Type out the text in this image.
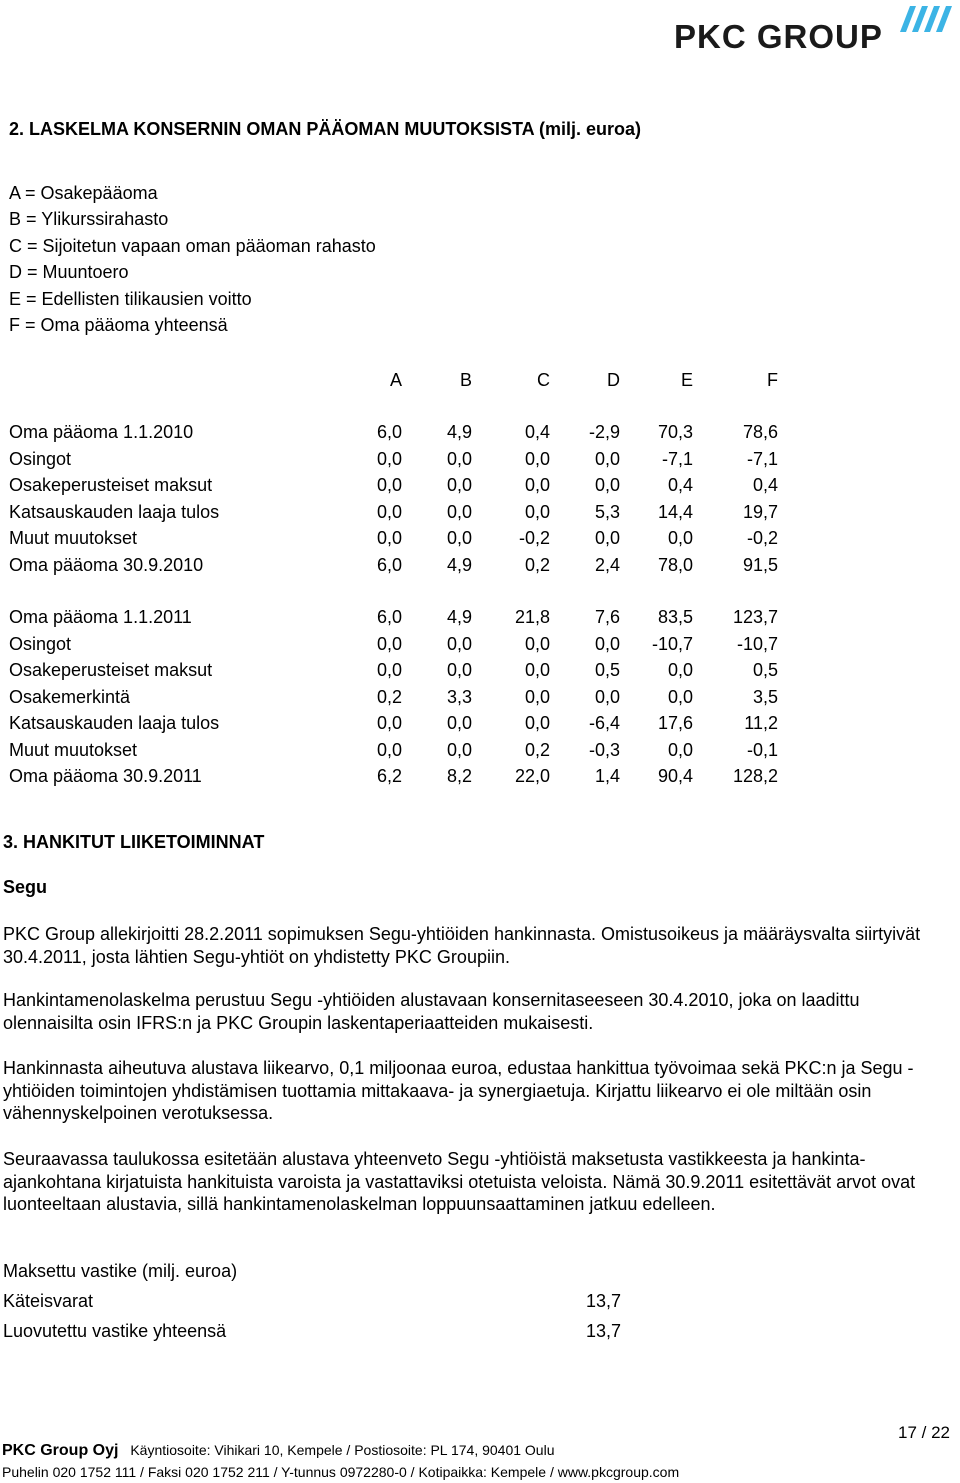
PKC GROUP
2. LASKELMA KONSERNIN OMAN PÄÄOMAN MUUTOKSISTA (milj. euroa)
A = Osakepääoma
B = Ylikurssirahasto
C = Sijoitetun vapaan oman pääoman rahasto
D = Muuntoero
E = Edellisten tilikausien voitto
F = Oma pääoma yhteensä
	A	B	C	D	E	F
Oma pääoma 1.1.2010	6,0	4,9	0,4	-2,9	70,3	78,6
Osingot	0,0	0,0	0,0	0,0	-7,1	-7,1
Osakeperusteiset maksut	0,0	0,0	0,0	0,0	0,4	0,4
Katsauskauden laaja tulos	0,0	0,0	0,0	5,3	14,4	19,7
Muut muutokset	0,0	0,0	-0,2	0,0	0,0	-0,2
Oma pääoma 30.9.2010	6,0	4,9	0,2	2,4	78,0	91,5
Oma pääoma 1.1.2011	6,0	4,9	21,8	7,6	83,5	123,7
Osingot	0,0	0,0	0,0	0,0	-10,7	-10,7
Osakeperusteiset maksut	0,0	0,0	0,0	0,5	0,0	0,5
Osakemerkintä	0,2	3,3	0,0	0,0	0,0	3,5
Katsauskauden laaja tulos	0,0	0,0	0,0	-6,4	17,6	11,2
Muut muutokset	0,0	0,0	0,2	-0,3	0,0	-0,1
Oma pääoma 30.9.2011	6,2	8,2	22,0	1,4	90,4	128,2
3. HANKITUT LIIKETOIMINNAT
Segu
PKC Group allekirjoitti 28.2.2011 sopimuksen Segu-yhtiöiden hankinnasta. Omistusoikeus ja määräysvalta siirtyivät 30.4.2011, josta lähtien Segu-yhtiöt on yhdistetty PKC Groupiin.
Hankintamenolaskelma perustuu Segu -yhtiöiden alustavaan konsernitaseeseen 30.4.2010, joka on laadittu olennaisilta osin IFRS:n ja PKC Groupin laskentaperiaatteiden mukaisesti.
Hankinnasta aiheutuva alustava liikearvo, 0,1 miljoonaa euroa, edustaa hankittua työvoimaa sekä PKC:n ja Segu -yhtiöiden toimintojen yhdistämisen tuottamia mittakaava- ja synergiaetuja. Kirjattu liikearvo ei ole miltään osin vähennyskelpoinen verotuksessa.
Seuraavassa taulukossa esitetään alustava yhteenveto Segu -yhtiöistä maksetusta vastikkeesta ja hankinta-ajankohtana kirjatuista hankituista varoista ja vastattaviksi otetuista veloista. Nämä 30.9.2011 esitettävät arvot ovat luonteeltaan alustavia, sillä hankintamenolaskelman loppuunsaattaminen jatkuu edelleen.
Maksettu vastike (milj. euroa)
Käteisvarat	13,7
Luovutettu vastike yhteensä	13,7
17 / 22
PKC Group Oyj Käyntiosoite: Vihikari 10, Kempele / Postiosoite: PL 174, 90401 Oulu
Puhelin 020 1752 111 / Faksi 020 1752 211 / Y-tunnus 0972280-0 / Kotipaikka: Kempele / www.pkcgroup.com
